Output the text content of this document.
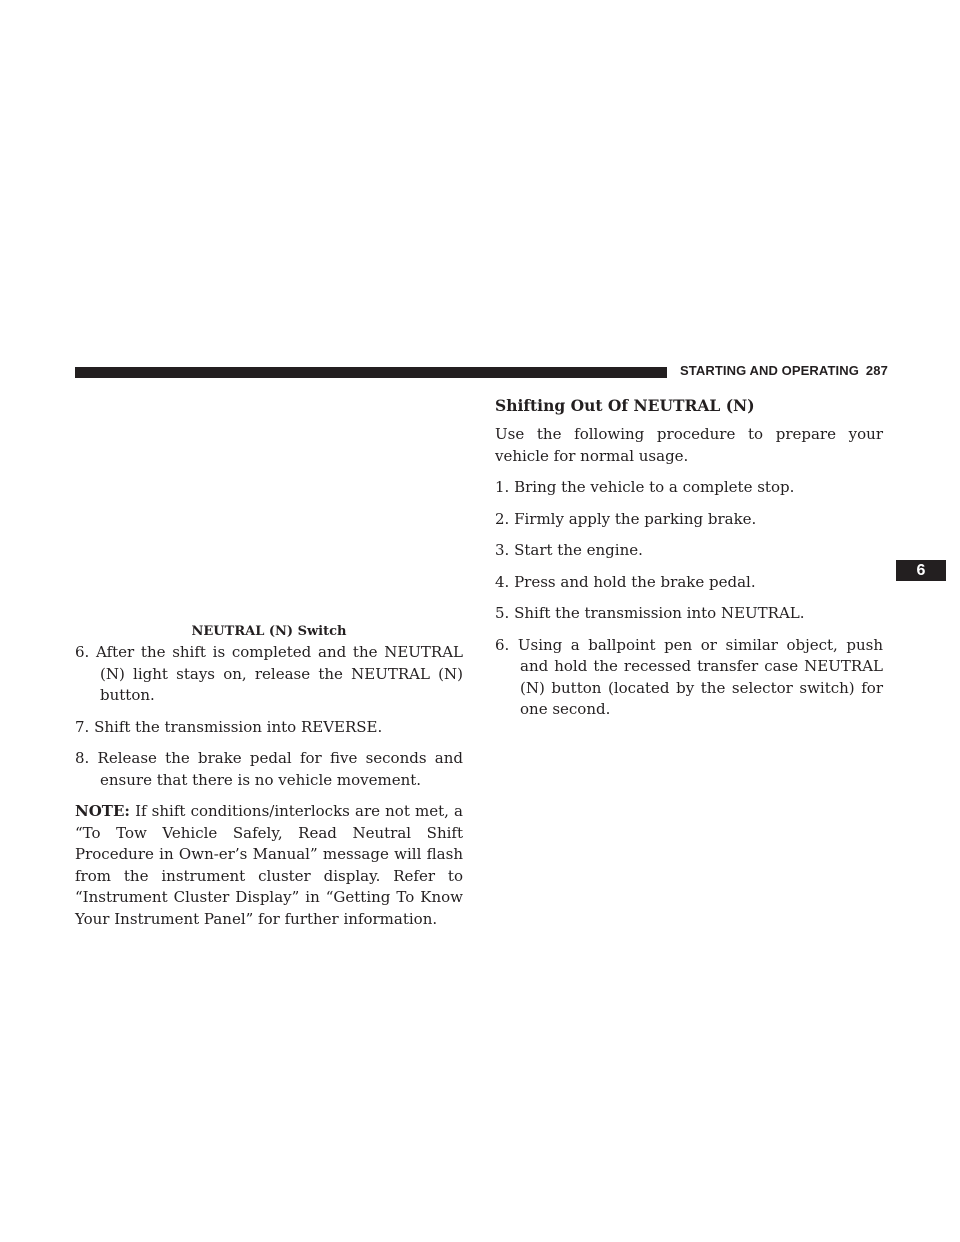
STARTING AND OPERATING 287
6

NEUTRAL (N) Switch

6. After the shift is completed and the NEUTRAL (N) light stays on, release the NEUTRAL (N) button.

7. Shift the transmission into REVERSE.

8. Release the brake pedal for five seconds and ensure that there is no vehicle movement.

NOTE: If shift conditions/interlocks are not met, a “To Tow Vehicle Safely, Read Neutral Shift Procedure in Own-er’s Manual” message will flash from the instrument cluster display. Refer to “Instrument Cluster Display” in “Getting To Know Your Instrument Panel” for further information.

Shifting Out Of NEUTRAL (N)

Use the following procedure to prepare your vehicle for normal usage.

1. Bring the vehicle to a complete stop.

2. Firmly apply the parking brake.

3. Start the engine.

4. Press and hold the brake pedal.

5. Shift the transmission into NEUTRAL.

6. Using a ballpoint pen or similar object, push and hold the recessed transfer case NEUTRAL (N) button (located by the selector switch) for one second.
